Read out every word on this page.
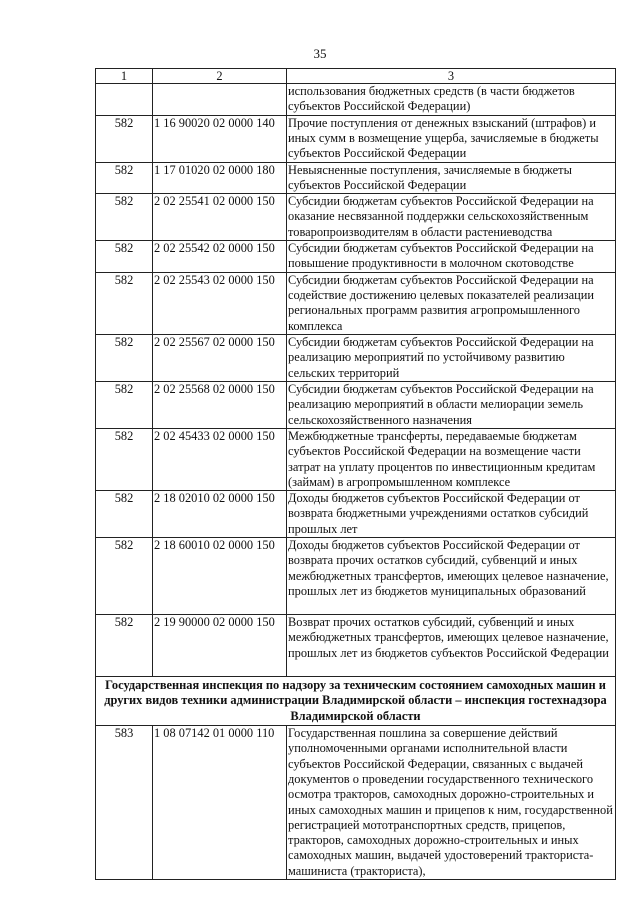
35
1	2	3
		использования бюджетных средств (в части бюджетов субъектов Российской Федерации)
582	1 16 90020 02 0000 140	Прочие поступления от денежных взысканий (штрафов) и иных сумм в возмещение ущерба, зачисляемые в бюджеты субъектов Российской Федерации
582	1 17 01020 02 0000 180	Невыясненные поступления, зачисляемые в бюджеты субъектов Российской Федерации
582	2 02 25541 02 0000 150	Субсидии бюджетам субъектов Российской Федерации на оказание несвязанной поддержки сельскохозяйственным товаропроизводителям в области растениеводства
582	2 02 25542 02 0000 150	Субсидии бюджетам субъектов Российской Федерации на повышение продуктивности в молочном скотоводстве
582	2 02 25543 02 0000 150	Субсидии бюджетам субъектов Российской Федерации на содействие достижению целевых показателей реализации региональных программ развития агропромышленного комплекса
582	2 02 25567 02 0000 150	Субсидии бюджетам субъектов Российской Федерации на реализацию мероприятий по устойчивому развитию сельских территорий
582	2 02 25568 02 0000 150	Субсидии бюджетам субъектов Российской Федерации на реализацию мероприятий в области мелиорации земель сельскохозяйственного назначения
582	2 02 45433 02 0000 150	Межбюджетные трансферты, передаваемые бюджетам субъектов Российской Федерации на возмещение части затрат на уплату процентов по инвестиционным кредитам (займам) в агропромышленном комплексе
582	2 18 02010 02 0000 150	Доходы бюджетов субъектов Российской Федерации от возврата бюджетными учреждениями остатков субсидий прошлых лет
582	2 18 60010 02 0000 150	Доходы бюджетов субъектов Российской Федерации от возврата прочих остатков субсидий, субвенций и иных межбюджетных трансфертов, имеющих целевое назначение, прошлых лет из бюджетов муниципальных образований
582	2 19 90000 02 0000 150	Возврат прочих остатков субсидий, субвенций и иных межбюджетных трансфертов, имеющих целевое назначение, прошлых лет из бюджетов субъектов Российской Федерации
Государственная инспекция по надзору за техническим состоянием самоходных машин и других видов техники администрации Владимирской области – инспекция гостехнадзора Владимирской области		
583	1 08 07142 01 0000 110	Государственная пошлина за совершение действий уполномоченными органами исполнительной власти субъектов Российской Федерации, связанных с выдачей документов о проведении государственного технического осмотра тракторов, самоходных дорожно-строительных и иных самоходных машин и прицепов к ним, государственной регистрацией мототранспортных средств, прицепов, тракторов, самоходных дорожно-строительных и иных самоходных машин, выдачей удостоверений тракториста-машиниста (тракториста),
